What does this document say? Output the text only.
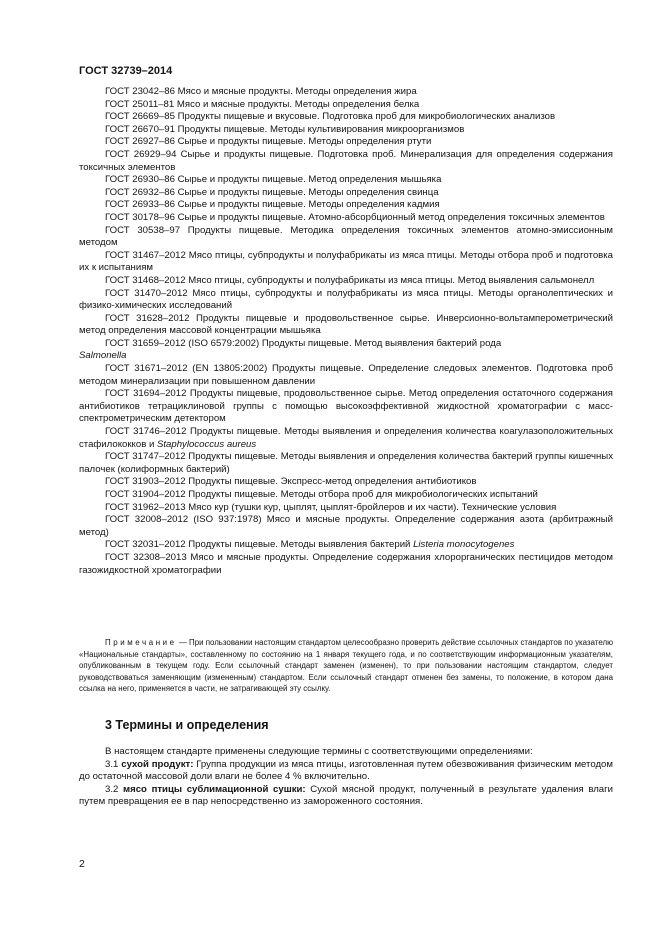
ГОСТ 32739–2014

ГОСТ 23042–86 Мясо и мясные продукты. Методы определения жира

ГОСТ 25011–81 Мясо и мясные продукты. Методы определения белка

ГОСТ 26669–85 Продукты пищевые и вкусовые. Подготовка проб для микробиологических анализов

ГОСТ 26670–91 Продукты пищевые. Методы культивирования микроорганизмов

ГОСТ 26927–86 Сырье и продукты пищевые. Методы определения ртути

ГОСТ 26929–94 Сырье и продукты пищевые. Подготовка проб. Минерализация для определения содержания токсичных элементов

ГОСТ 26930–86 Сырье и продукты пищевые. Метод определения мышьяка

ГОСТ 26932–86 Сырье и продукты пищевые. Методы определения свинца

ГОСТ 26933–86 Сырье и продукты пищевые. Методы определения кадмия

ГОСТ 30178–96 Сырье и продукты пищевые. Атомно-абсорбционный метод определения токсичных элементов

ГОСТ 30538–97 Продукты пищевые. Методика определения токсичных элементов атомно-эмиссионным методом

ГОСТ 31467–2012 Мясо птицы, субпродукты и полуфабрикаты из мяса птицы. Методы отбора проб и подготовка их к испытаниям

ГОСТ 31468–2012 Мясо птицы, субпродукты и полуфабрикаты из мяса птицы. Метод выявления сальмонелл

ГОСТ 31470–2012 Мясо птицы, субпродукты и полуфабрикаты из мяса птицы. Методы органолептических и физико-химических исследований

ГОСТ 31628–2012 Продукты пищевые и продовольственное сырье. Инверсионно-вольтамперометрический метод определения массовой концентрации мышьяка

ГОСТ 31659–2012 (ISO 6579:2002) Продукты пищевые. Метод выявления бактерий рода
Salmonella

ГОСТ 31671–2012 (EN 13805:2002) Продукты пищевые. Определение следовых элементов. Подготовка проб методом минерализации при повышенном давлении

ГОСТ 31694–2012 Продукты пищевые, продовольственное сырье. Метод определения остаточного содержания антибиотиков тетрациклиновой группы с помощью высокоэффективной жидкостной хроматографии с масс-спектрометрическим детектором

ГОСТ 31746–2012 Продукты пищевые. Методы выявления и определения количества коагулазоположительных стафилококков и Staphylococcus aureus

ГОСТ 31747–2012 Продукты пищевые. Методы выявления и определения количества бактерий группы кишечных палочек (колиформных бактерий)

ГОСТ 31903–2012 Продукты пищевые. Экспресс-метод определения антибиотиков

ГОСТ 31904–2012 Продукты пищевые. Методы отбора проб для микробиологических испытаний

ГОСТ 31962–2013 Мясо кур (тушки кур, цыплят, цыплят-бройлеров и их части). Технические условия

ГОСТ 32008–2012 (ISO 937:1978) Мясо и мясные продукты. Определение содержания азота (арбитражный метод)

ГОСТ 32031–2012 Продукты пищевые. Методы выявления бактерий Listeria monocytogenes

ГОСТ 32308–2013 Мясо и мясные продукты. Определение содержания хлорорганических пестицидов методом газожидкостной хроматографии

Примечание — При пользовании настоящим стандартом целесообразно проверить действие ссылочных стандартов по указателю «Национальные стандарты», составленному по состоянию на 1 января текущего года, и по соответствующим информационным указателям, опубликованным в текущем году. Если ссылочный стандарт заменен (изменен), то при пользовании настоящим стандартом, следует руководствоваться заменяющим (измененным) стандартом. Если ссылочный стандарт отменен без замены, то положение, в котором дана ссылка на него, применяется в части, не затрагивающей эту ссылку.

3 Термины и определения

В настоящем стандарте применены следующие термины с соответствующими определениями:

3.1 сухой продукт: Группа продукции из мяса птицы, изготовленная путем обезвоживания физическим методом до остаточной массовой доли влаги не более 4 % включительно.

3.2 мясо птицы сублимационной сушки: Сухой мясной продукт, полученный в результате удаления влаги путем превращения ее в пар непосредственно из замороженного состояния.

2
